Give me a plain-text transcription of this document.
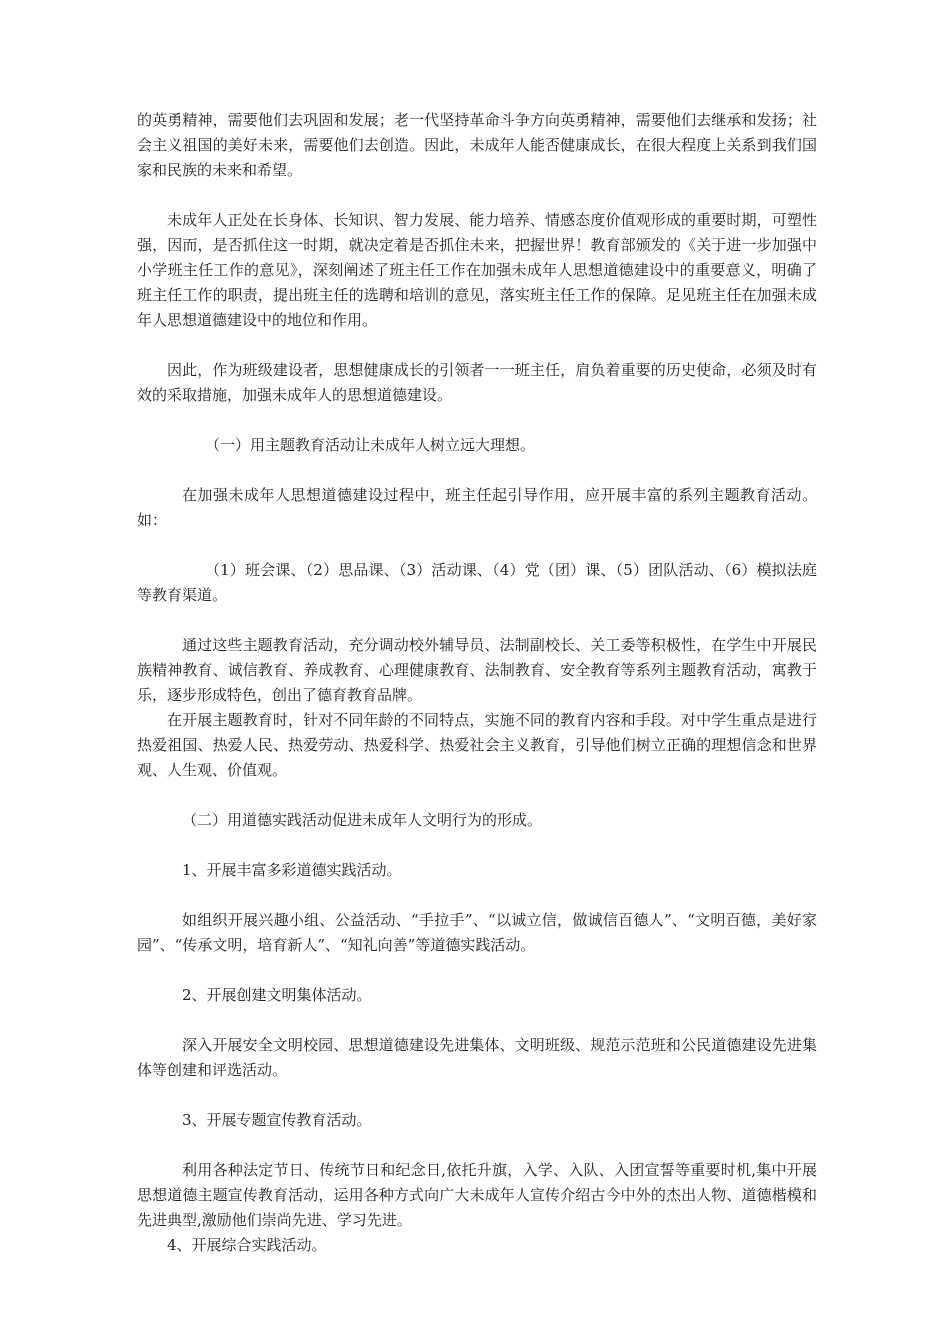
的英勇精神，需要他们去巩固和发展；老一代坚持革命斗争方向英勇精神，需要他们去继承和发扬；社会主义祖国的美好未来，需要他们去创造。因此，未成年人能否健康成长，在很大程度上关系到我们国家和民族的未来和希望。

未成年人正处在长身体、长知识、智力发展、能力培养、情感态度价值观形成的重要时期，可塑性强，因而，是否抓住这一时期，就决定着是否抓住未来，把握世界！教育部颁发的《关于进一步加强中小学班主任工作的意见》，深刻阐述了班主任工作在加强未成年人思想道德建设中的重要意义，明确了班主任工作的职责，提出班主任的选聘和培训的意见，落实班主任工作的保障。足见班主任在加强未成年人思想道德建设中的地位和作用。

因此，作为班级建设者，思想健康成长的引领者一一班主任，肩负着重要的历史使命，必须及时有效的采取措施，加强未成年人的思想道德建设。

（一）用主题教育活动让未成年人树立远大理想。

在加强未成年人思想道德建设过程中，班主任起引导作用，应开展丰富的系列主题教育活动。如：

（1）班会课、（2）思品课、（3）活动课、（4）党（团）课、（5）团队活动、（6）模拟法庭等教育渠道。

通过这些主题教育活动，充分调动校外辅导员、法制副校长、关工委等积极性，在学生中开展民族精神教育、诚信教育、养成教育、心理健康教育、法制教育、安全教育等系列主题教育活动，寓教于乐，逐步形成特色，创出了德育教育品牌。

在开展主题教育时，针对不同年龄的不同特点，实施不同的教育内容和手段。对中学生重点是进行热爱祖国、热爱人民、热爱劳动、热爱科学、热爱社会主义教育，引导他们树立正确的理想信念和世界观、人生观、价值观。

（二）用道德实践活动促进未成年人文明行为的形成。

1、开展丰富多彩道德实践活动。

如组织开展兴趣小组、公益活动、“手拉手”、“以诚立信，做诚信百德人”、“文明百德，美好家园”、“传承文明，培育新人”、“知礼向善”等道德实践活动。

2、开展创建文明集体活动。

深入开展安全文明校园、思想道德建设先进集体、文明班级、规范示范班和公民道德建设先进集体等创建和评选活动。

3、开展专题宣传教育活动。

利用各种法定节日、传统节日和纪念日,依托升旗，入学、入队、入团宣誓等重要时机,集中开展思想道德主题宣传教育活动，运用各种方式向广大未成年人宣传介绍古今中外的杰出人物、道德楷模和先进典型,激励他们崇尚先进、学习先进。

4、开展综合实践活动。
